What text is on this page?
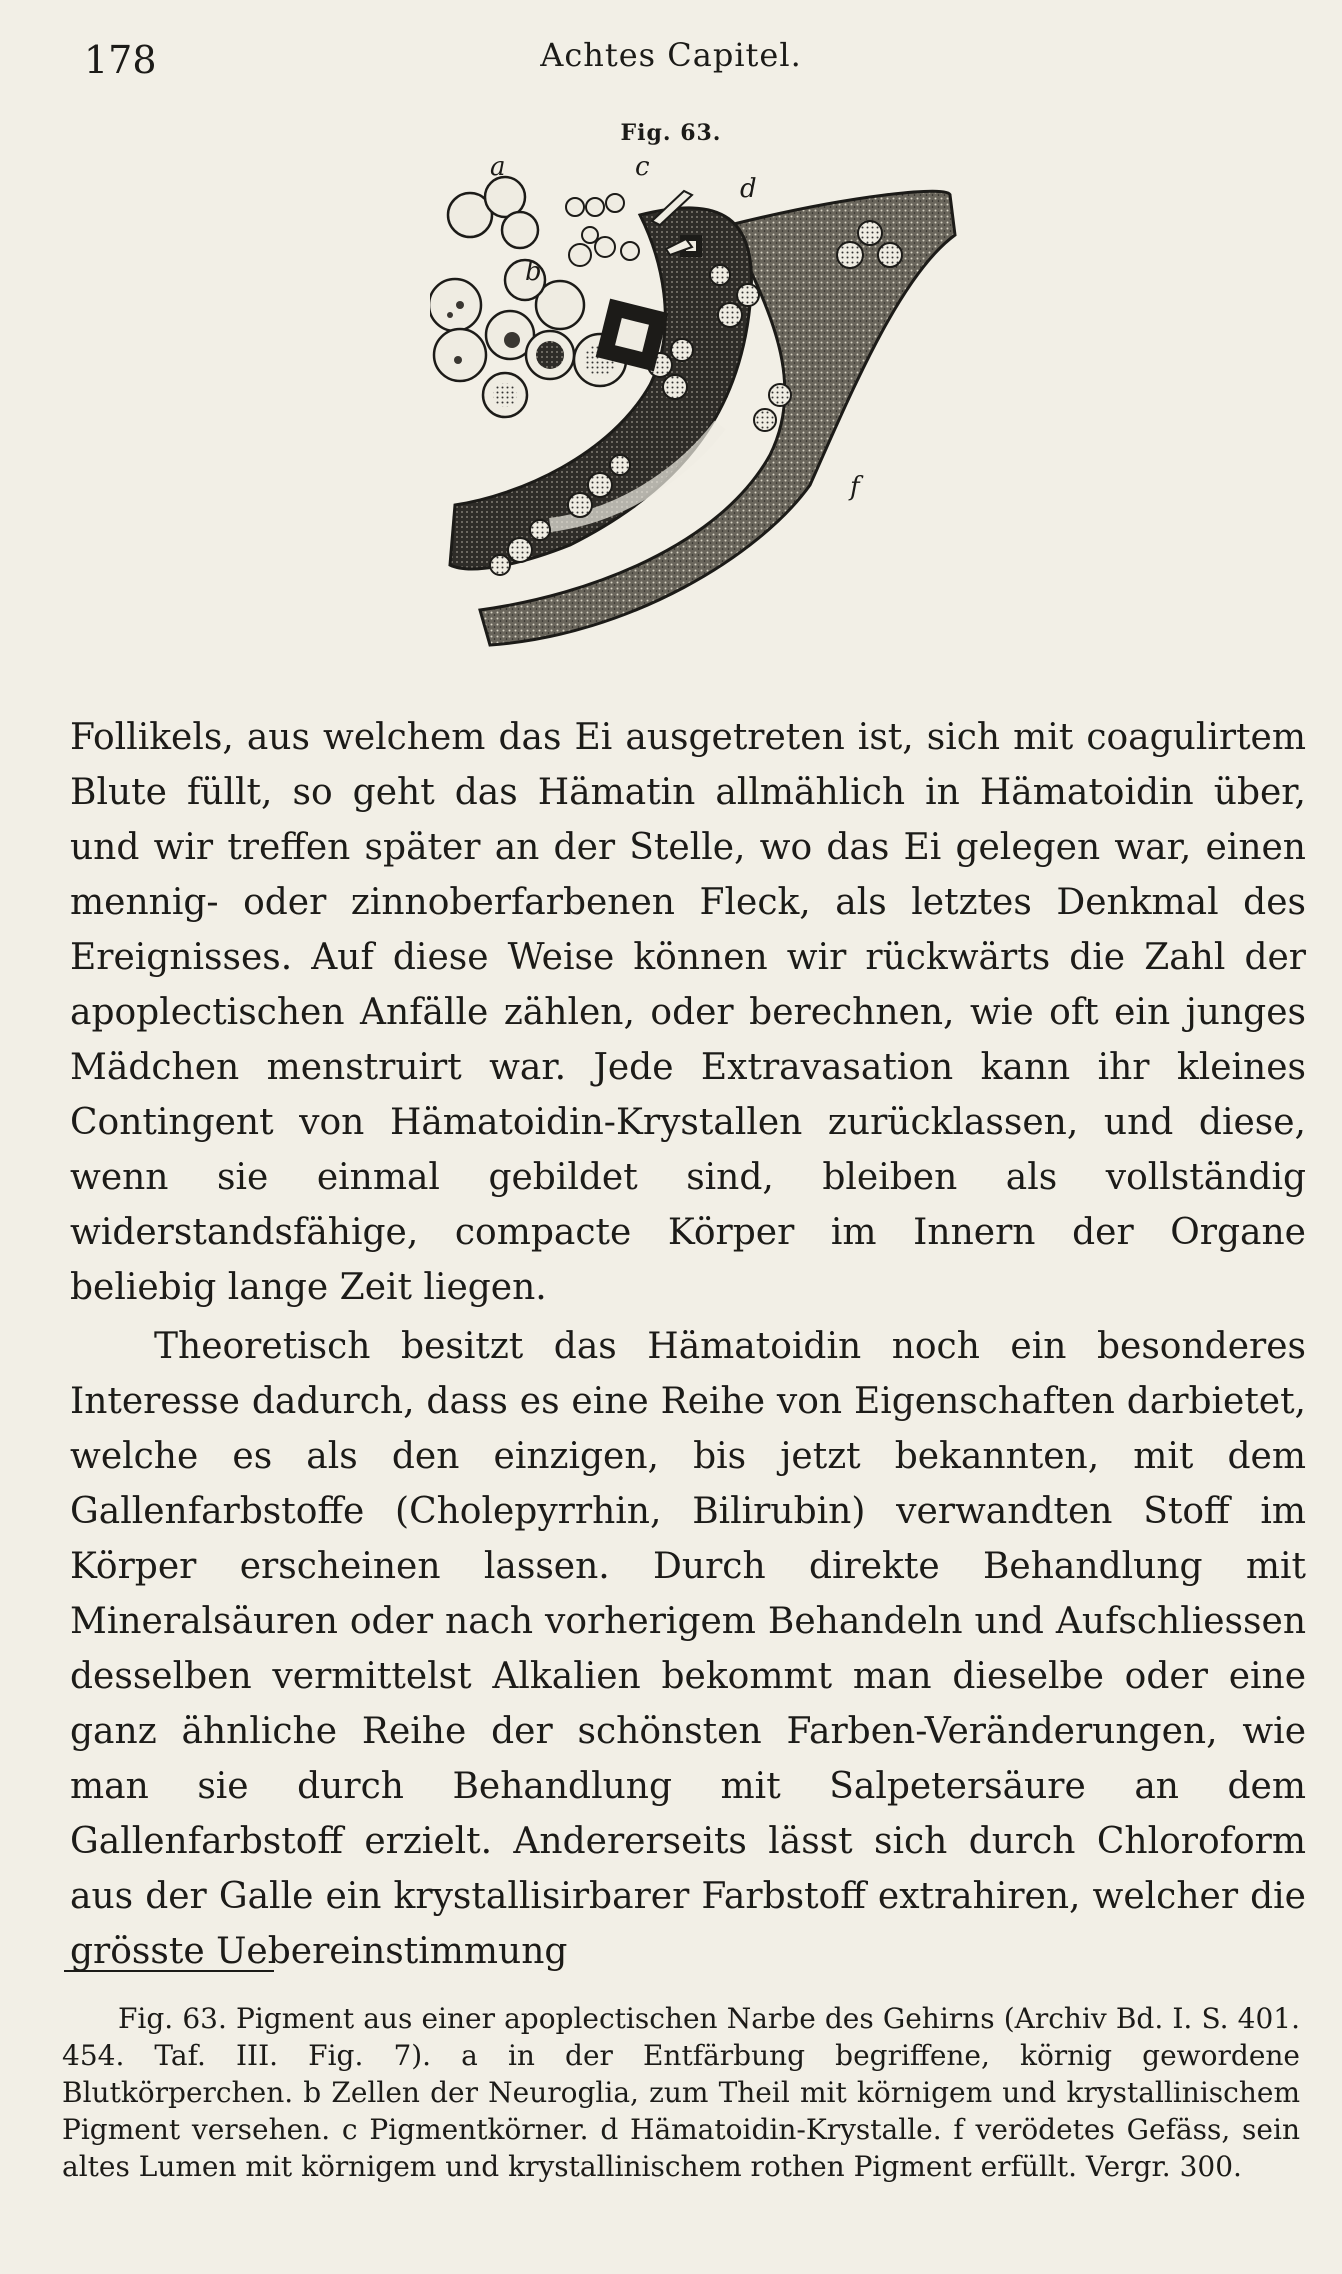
178	Achtes Capitel.
Fig. 63.
a
b
c
d
f

Follikels, aus welchem das Ei ausgetreten ist, sich mit coagulirtem Blute füllt, so geht das Hämatin allmählich in Hämatoidin über, und wir treffen später an der Stelle, wo das Ei gelegen war, einen mennig- oder zinnoberfarbenen Fleck, als letztes Denkmal des Ereignisses. Auf diese Weise können wir rückwärts die Zahl der apoplectischen Anfälle zählen, oder berechnen, wie oft ein junges Mädchen menstruirt war. Jede Extravasation kann ihr kleines Contingent von Hämatoidin-Krystallen zurücklassen, und diese, wenn sie einmal gebildet sind, bleiben als vollständig widerstandsfähige, compacte Körper im Innern der Organe beliebig lange Zeit liegen.

Theoretisch besitzt das Hämatoidin noch ein besonderes Interesse dadurch, dass es eine Reihe von Eigenschaften darbietet, welche es als den einzigen, bis jetzt bekannten, mit dem Gallenfarbstoffe (Cholepyrrhin, Bilirubin) verwandten Stoff im Körper erscheinen lassen. Durch direkte Behandlung mit Mineralsäuren oder nach vorherigem Behandeln und Aufschliessen desselben vermittelst Alkalien bekommt man dieselbe oder eine ganz ähnliche Reihe der schönsten Farben-Veränderungen, wie man sie durch Behandlung mit Salpetersäure an dem Gallenfarbstoff erzielt. Andererseits lässt sich durch Chloroform aus der Galle ein krystallisirbarer Farbstoff extrahiren, welcher die grösste Uebereinstimmung

Fig. 63. Pigment aus einer apoplectischen Narbe des Gehirns (Archiv Bd. I. S. 401. 454. Taf. III. Fig. 7). a in der Entfärbung begriffene, körnig gewordene Blutkörperchen. b Zellen der Neuroglia, zum Theil mit körnigem und krystallinischem Pigment versehen. c Pigmentkörner. d Hämatoidin-Krystalle. f verödetes Gefäss, sein altes Lumen mit körnigem und krystallinischem rothen Pigment erfüllt. Vergr. 300.
